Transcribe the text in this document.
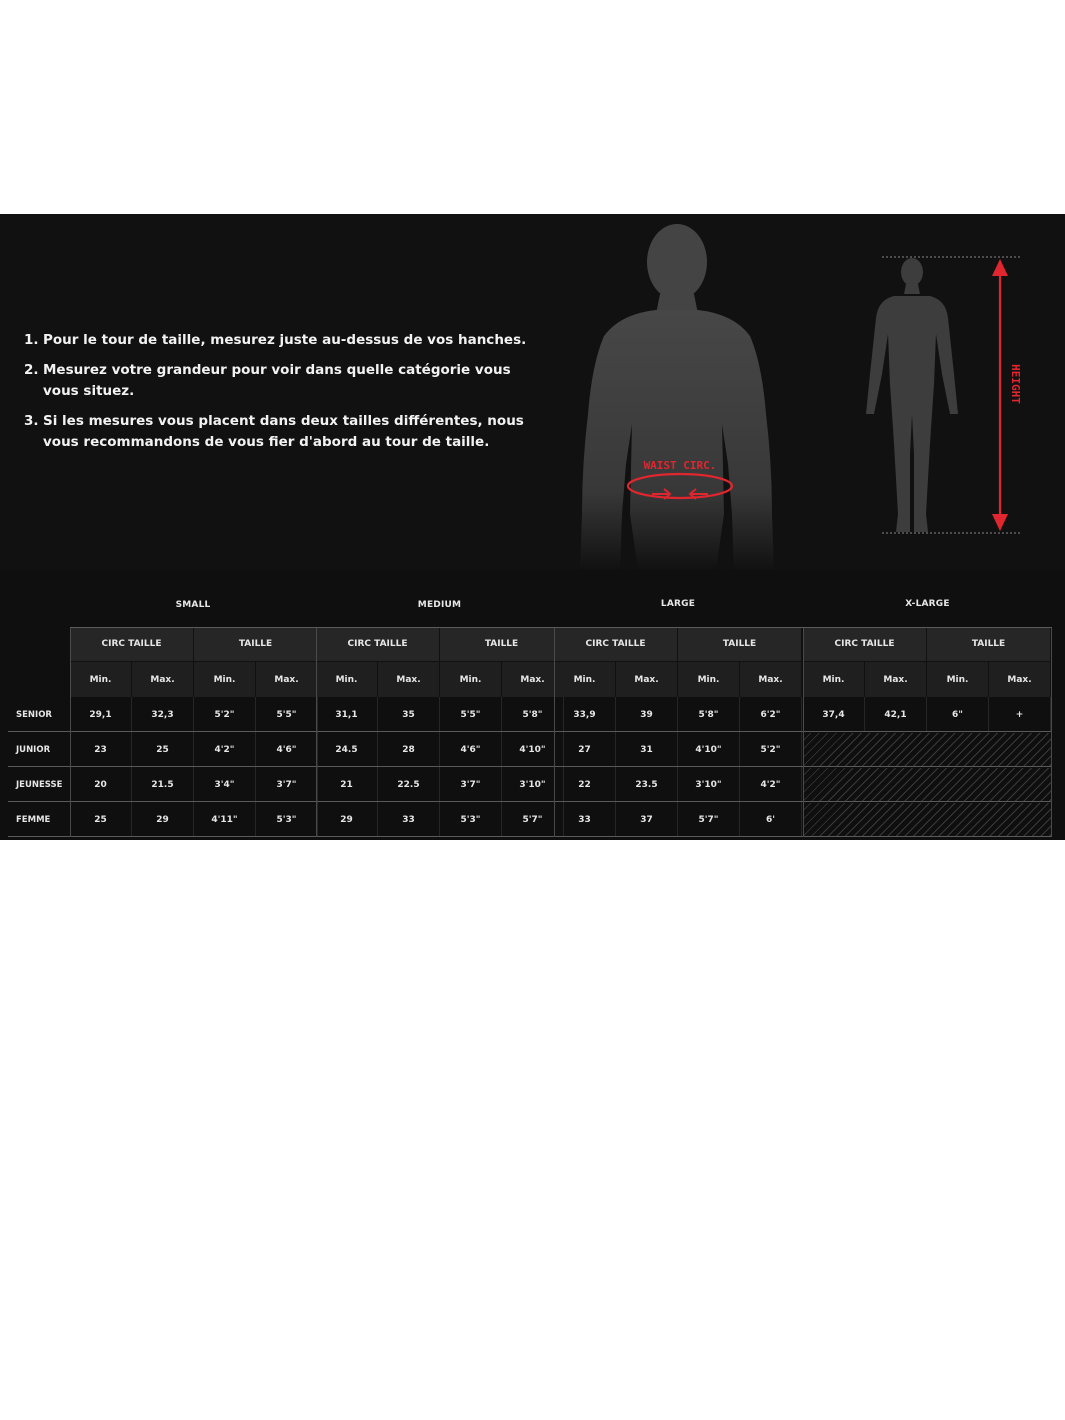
1. Pour le tour de taille, mesurez juste au-dessus de vos hanches.
2. Mesurez votre grandeur pour voir dans quelle catégorie vous vous situez.
3. Si les mesures vous placent dans deux tailles différentes, nous vous recommandons de vous fier d'abord au tour de taille.
WAIST CIRC.
HEIGHT
SMALL	MEDIUM	LARGE	X-LARGE
CIRC TAILLE	TAILLE
Min.	Max.	Min.	Max.
CIRC TAILLE	TAILLE
Min.	Max.	Min.	Max.
CIRC TAILLE	TAILLE
Min.	Max.	Min.	Max.
CIRC TAILLE	TAILLE
Min.	Max.	Min.	Max.
SENIOR	29,1	32,3	5'2"	5'5"	31,1	35	5'5"	5'8"	33,9	39	5'8"	6'2"	37,4	42,1	6"	+
JUNIOR	23	25	4'2"	4'6"	24.5	28	4'6"	4'10"	27	31	4'10"	5'2"
JEUNESSE	20	21.5	3'4"	3'7"	21	22.5	3'7"	3'10"	22	23.5	3'10"	4'2"
FEMME	25	29	4'11"	5'3"	29	33	5'3"	5'7"	33	37	5'7"	6'
